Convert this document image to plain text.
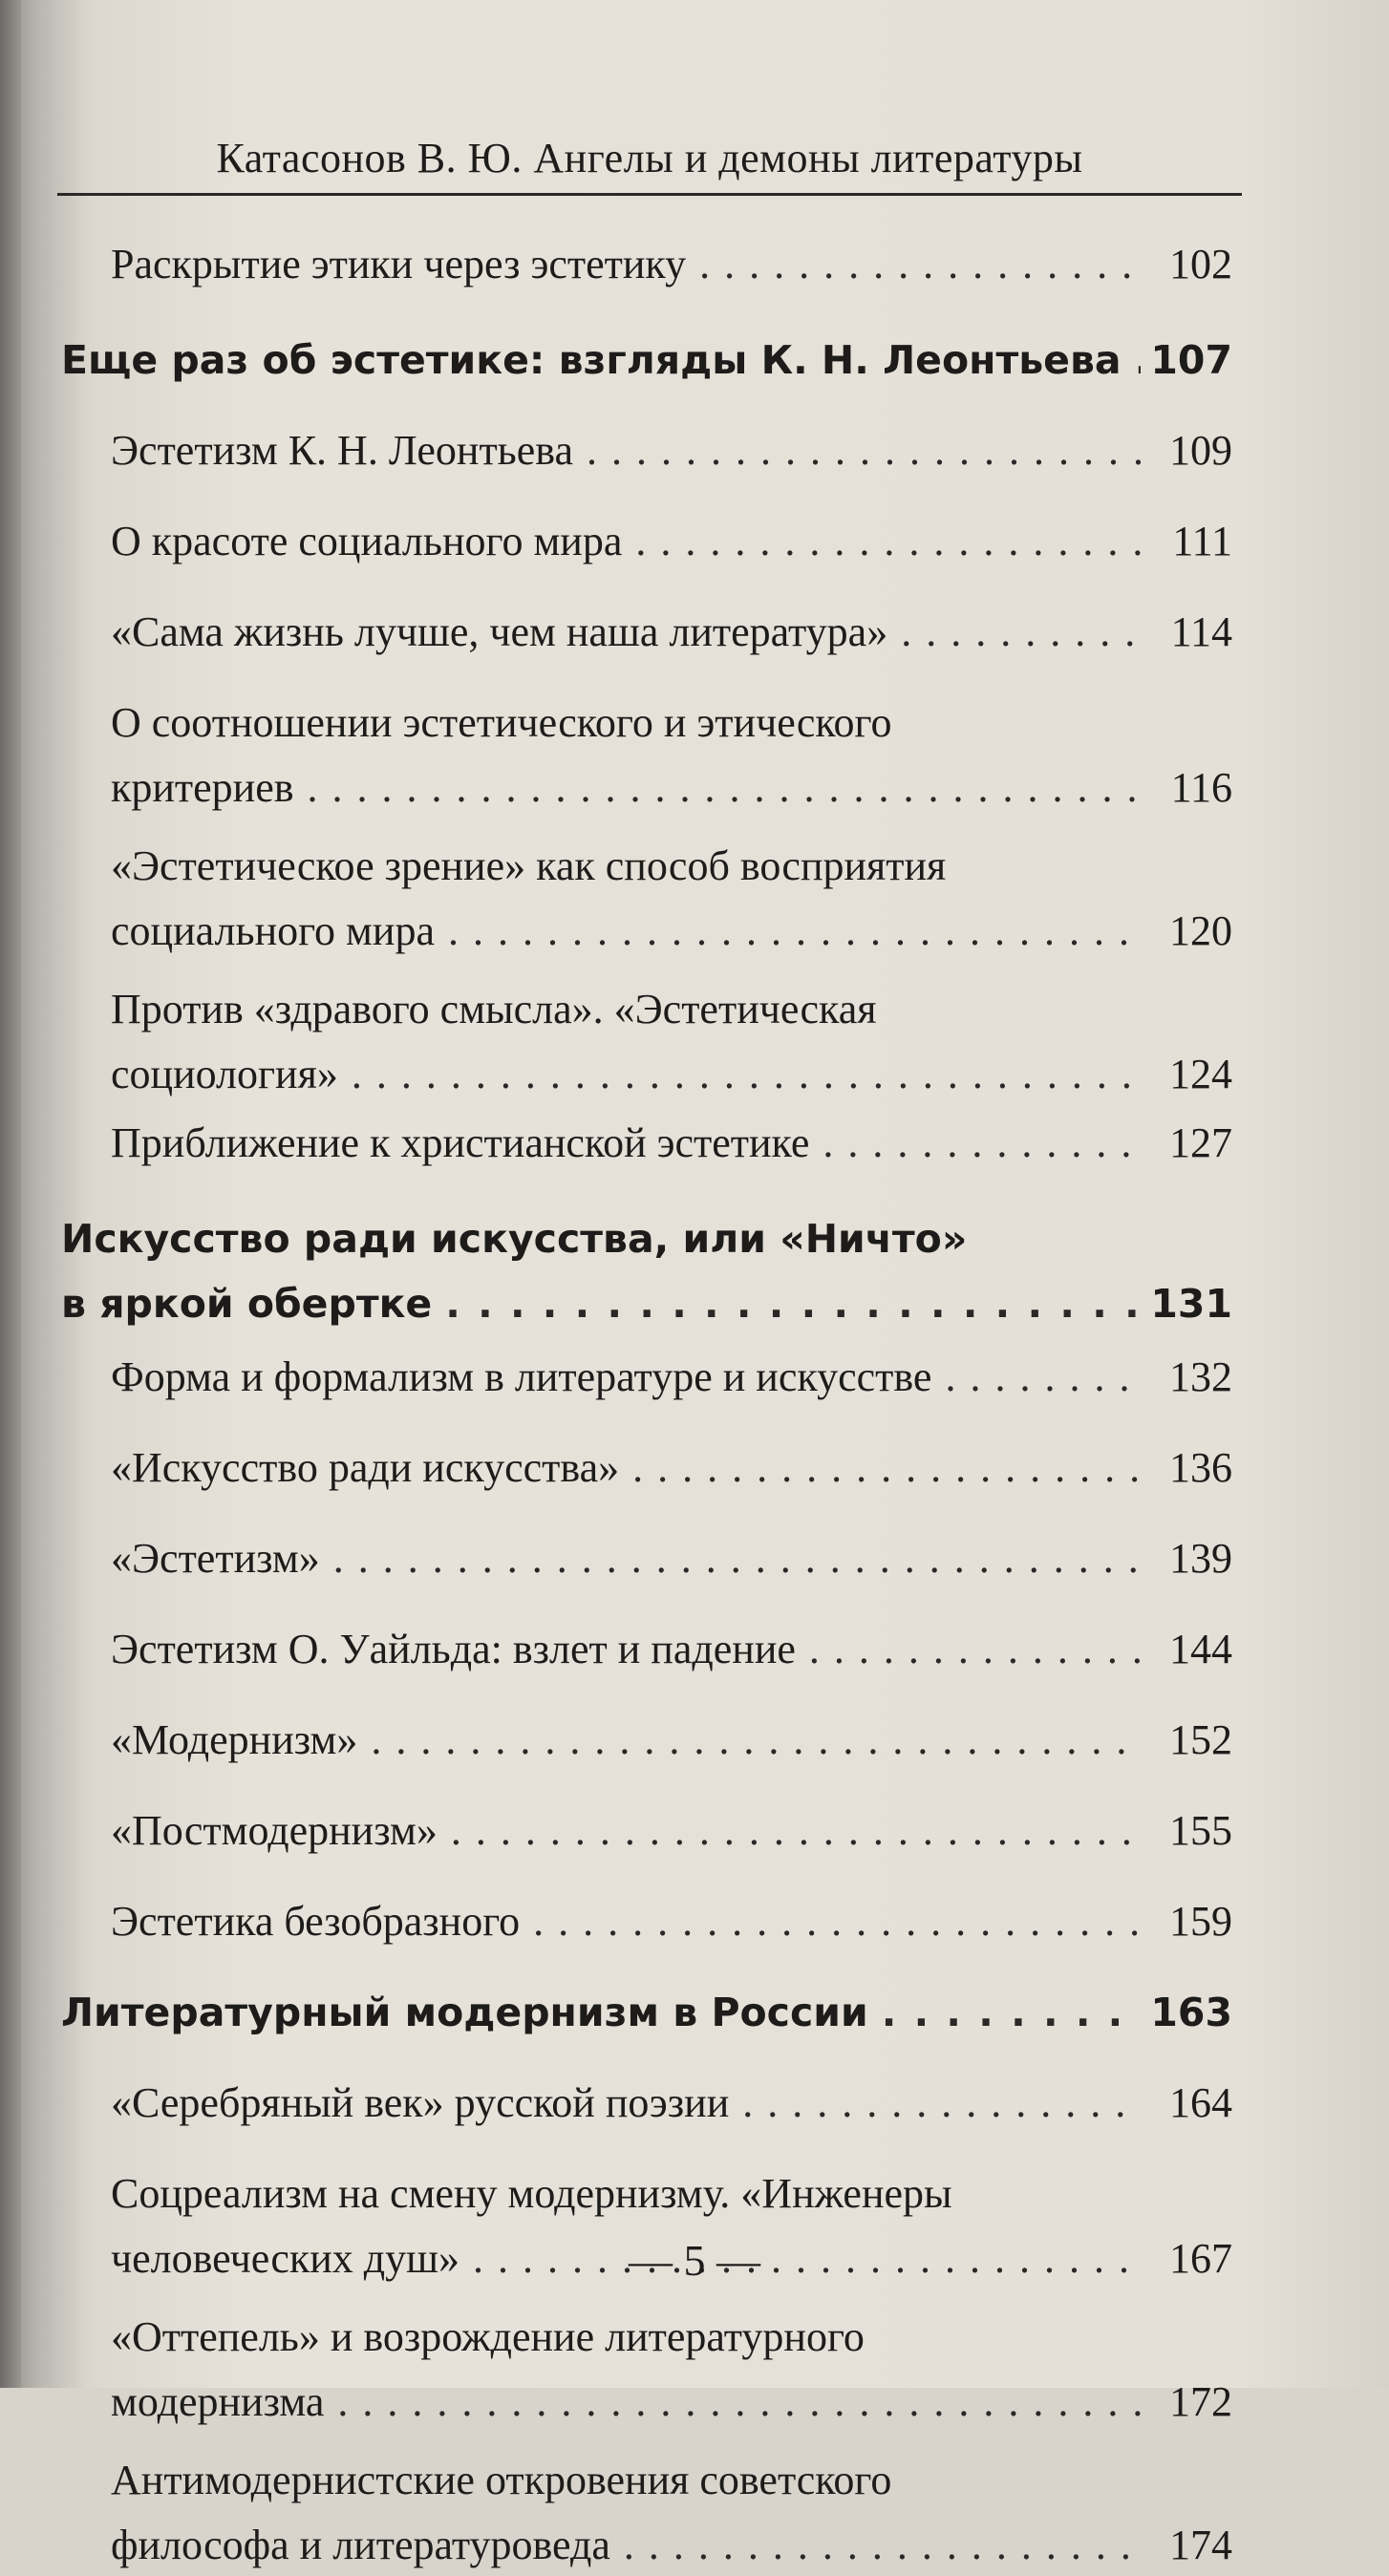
Катасонов В. Ю. Ангелы и демоны литературы
Раскрытие этики через эстетику . . .	102
Еще раз об эстетике: взгляды К. Н. Леонтьева . . . 107
Эстетизм К. Н. Леонтьева . . .	109
О красоте социального мира . . .	111
«Сама жизнь лучше, чем наша литература» . . .	114
О соотношении эстетического и этического
критериев . . .	116
«Эстетическое зрение» как способ восприятия
социального мира . . .	120
Против «здравого смысла». «Эстетическая
социология» . . .	124
Приближение к христианской эстетике . . .	127
Искусство ради искусства, или «Ничто»
в яркой обертке . . .	131
Форма и формализм в литературе и искусстве . . .	132
«Искусство ради искусства» . . .	136
«Эстетизм» . . .	139
Эстетизм О. Уайльда: взлет и падение . . .	144
«Модернизм» . . .	152
«Постмодернизм» . . .	155
Эстетика безобразного . . .	159
Литературный модернизм в России . . .	163
«Серебряный век» русской поэзии . . .	164
Соцреализм на смену модернизму. «Инженеры
человеческих душ» . . .	167
«Оттепель» и возрождение литературного
модернизма . . .	172
Антимодернистские откровения советского
философа и литературоведа . . .	174
— 5 —
